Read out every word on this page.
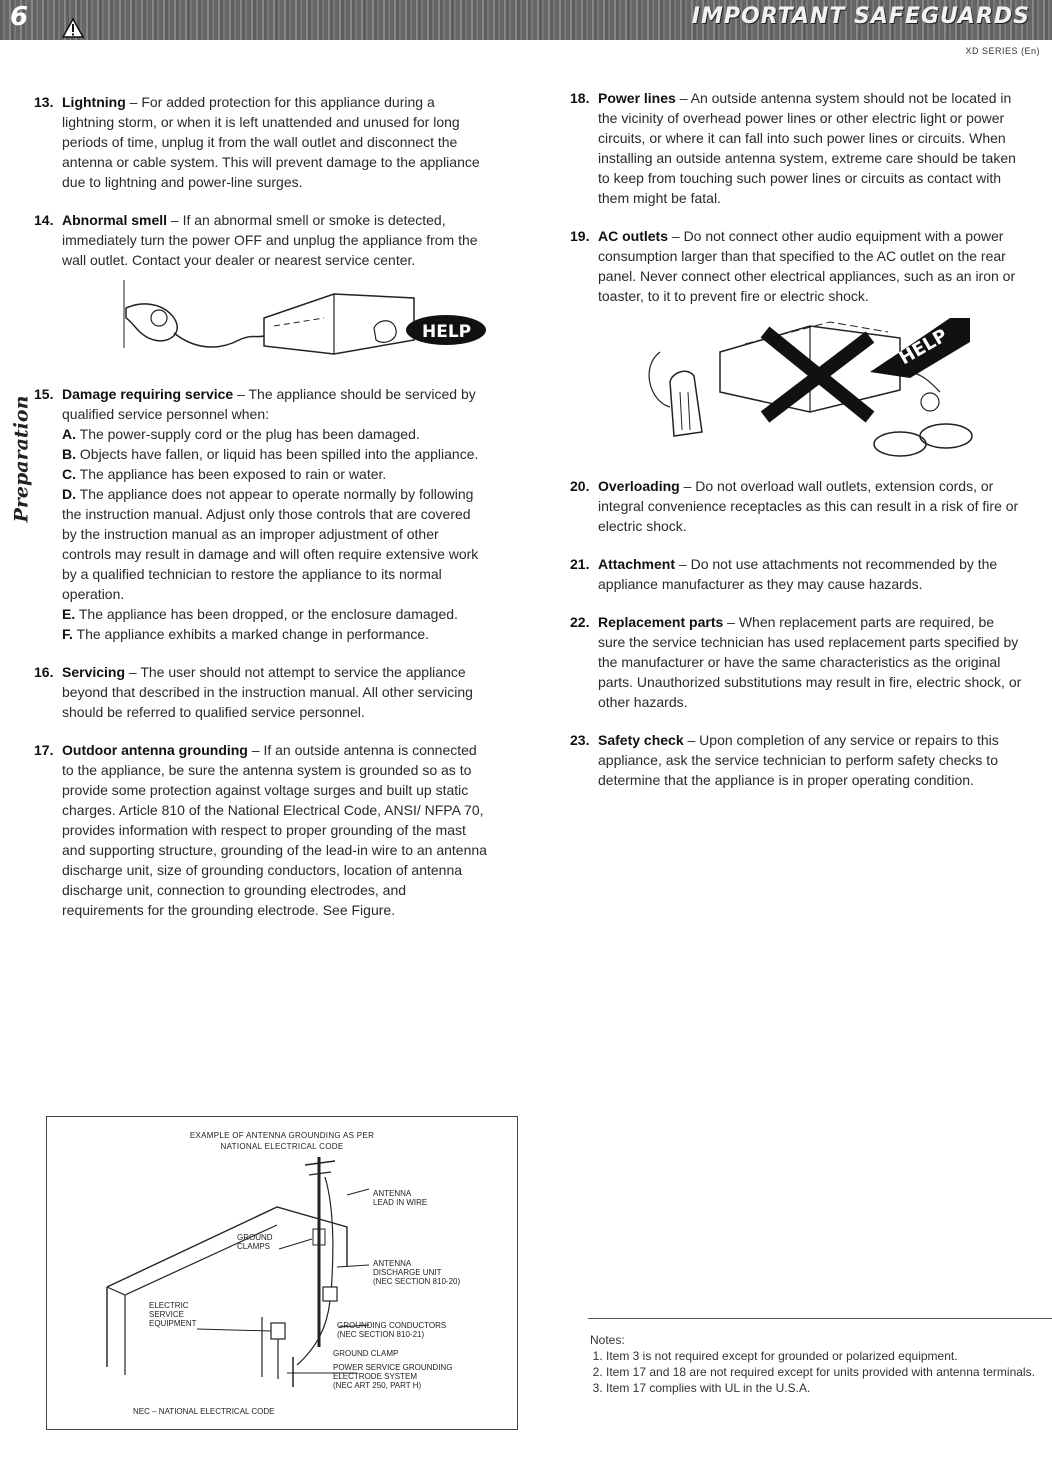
6	IMPORTANT SAFEGUARDS
XD SERIES (En)
Preparation
13. Lightning – For added protection for this appliance during a lightning storm, or when it is left unattended and unused for long periods of time, unplug it from the wall outlet and disconnect the antenna or cable system. This will prevent damage to the appliance due to lightning and power-line surges.

14. Abnormal smell – If an abnormal smell or smoke is detected, immediately turn the power OFF and unplug the appliance from the wall outlet. Contact your dealer or nearest service center.

HELP
15. Damage requiring service – The appliance should be serviced by qualified service personnel when:

A. The power-supply cord or the plug has been damaged.

B. Objects have fallen, or liquid has been spilled into the appliance.

C. The appliance has been exposed to rain or water.

D. The appliance does not appear to operate normally by following the instruction manual. Adjust only those controls that are covered by the instruction manual as an improper adjustment of other controls may result in damage and will often require extensive work by a qualified technician to restore the appliance to its normal operation.

E. The appliance has been dropped, or the enclosure damaged.

F. The appliance exhibits a marked change in performance.

16. Servicing – The user should not attempt to service the appliance beyond that described in the instruction manual. All other servicing should be referred to qualified service personnel.

17. Outdoor antenna grounding – If an outside antenna is connected to the appliance, be sure the antenna system is grounded so as to provide some protection against voltage surges and built up static charges. Article 810 of the National Electrical Code, ANSI/ NFPA 70, provides information with respect to proper grounding of the mast and supporting structure, grounding of the lead-in wire to an antenna discharge unit, size of grounding conductors, location of antenna discharge unit, connection to grounding electrodes, and requirements for the grounding electrode. See Figure.

EXAMPLE OF ANTENNA GROUNDING AS PER
NATIONAL ELECTRICAL CODE
ANTENNA
LEAD IN WIRE
GROUND
CLAMPS
ANTENNA
DISCHARGE UNIT
(NEC SECTION 810-20)
ELECTRIC
SERVICE
EQUIPMENT	GROUNDING CONDUCTORS
(NEC SECTION 810-21)
GROUND CLAMP
POWER SERVICE GROUNDING
ELECTRODE SYSTEM
(NEC ART 250, PART H)
NEC – NATIONAL ELECTRICAL CODE
18. Power lines – An outside antenna system should not be located in the vicinity of overhead power lines or other electric light or power circuits, or where it can fall into such power lines or circuits. When installing an outside antenna system, extreme care should be taken to keep from touching such power lines or circuits as contact with them might be fatal.

19. AC outlets – Do not connect other audio equipment with a power consumption larger than that specified to the AC outlet on the rear panel. Never connect other electrical appliances, such as an iron or toaster, to it to prevent fire or electric shock.

HELP
20. Overloading – Do not overload wall outlets, extension cords, or integral convenience receptacles as this can result in a risk of fire or electric shock.

21. Attachment – Do not use attachments not recommended by the appliance manufacturer as they may cause hazards.

22. Replacement parts – When replacement parts are required, be sure the service technician has used replacement parts specified by the manufacturer or have the same characteristics as the original parts. Unauthorized substitutions may result in fire, electric shock, or other hazards.

23. Safety check – Upon completion of any service or repairs to this appliance, ask the service technician to perform safety checks to determine that the appliance is in proper operating condition.

Notes:

1. Item 3 is not required except for grounded or polarized equipment.
2. Item 17 and 18 are not required except for units provided with antenna terminals.
3. Item 17 complies with UL in the U.S.A.
